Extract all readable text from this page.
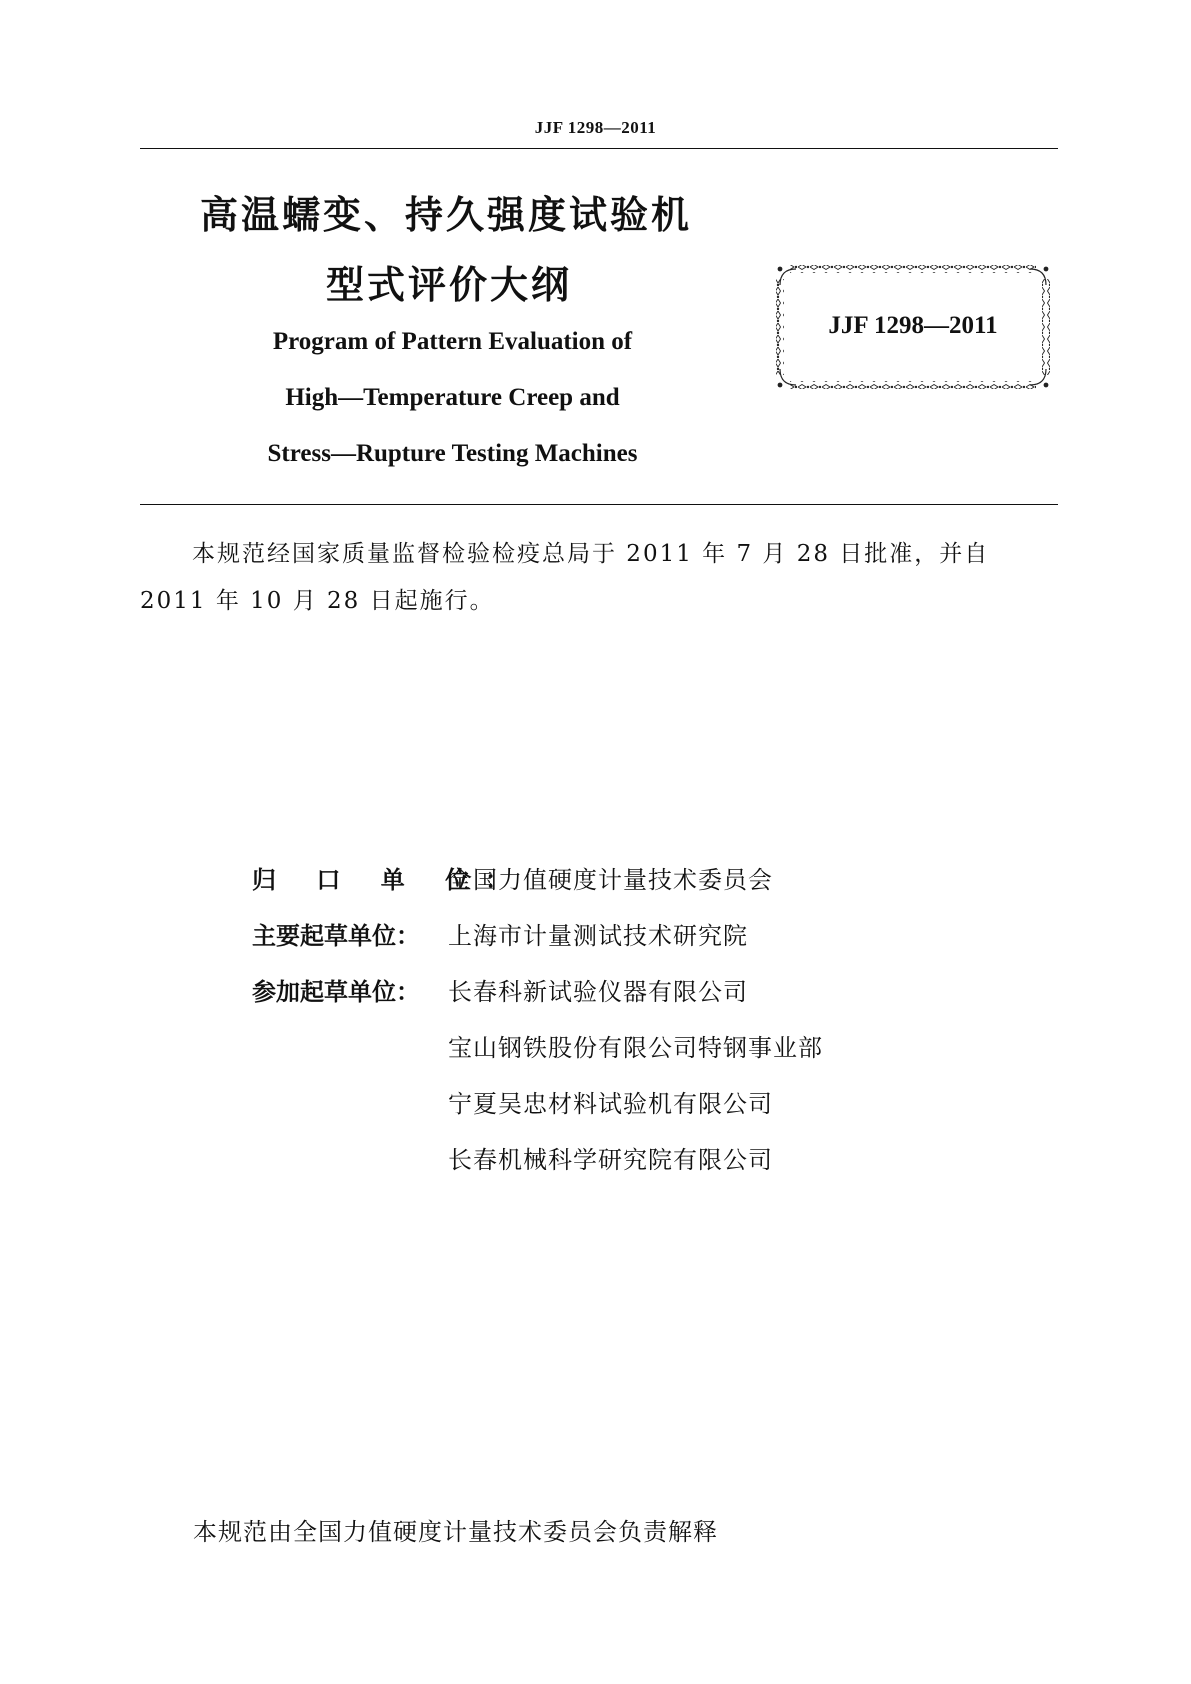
JJF 1298—2011
高温蠕变、持久强度试验机
型式评价大纲
Program of Pattern Evaluation of
High—Temperature Creep and
Stress—Rupture Testing Machines
JJF 1298—2011
本规范经国家质量监督检验检疫总局于 2011 年 7 月 28 日批准，并自 2011 年 10 月 28 日起施行。
归 口 单 位：
全国力值硬度计量技术委员会
主要起草单位：	上海市计量测试技术研究院
参加起草单位：	长春科新试验仪器有限公司
宝山钢铁股份有限公司特钢事业部
宁夏吴忠材料试验机有限公司
长春机械科学研究院有限公司
本规范由全国力值硬度计量技术委员会负责解释
